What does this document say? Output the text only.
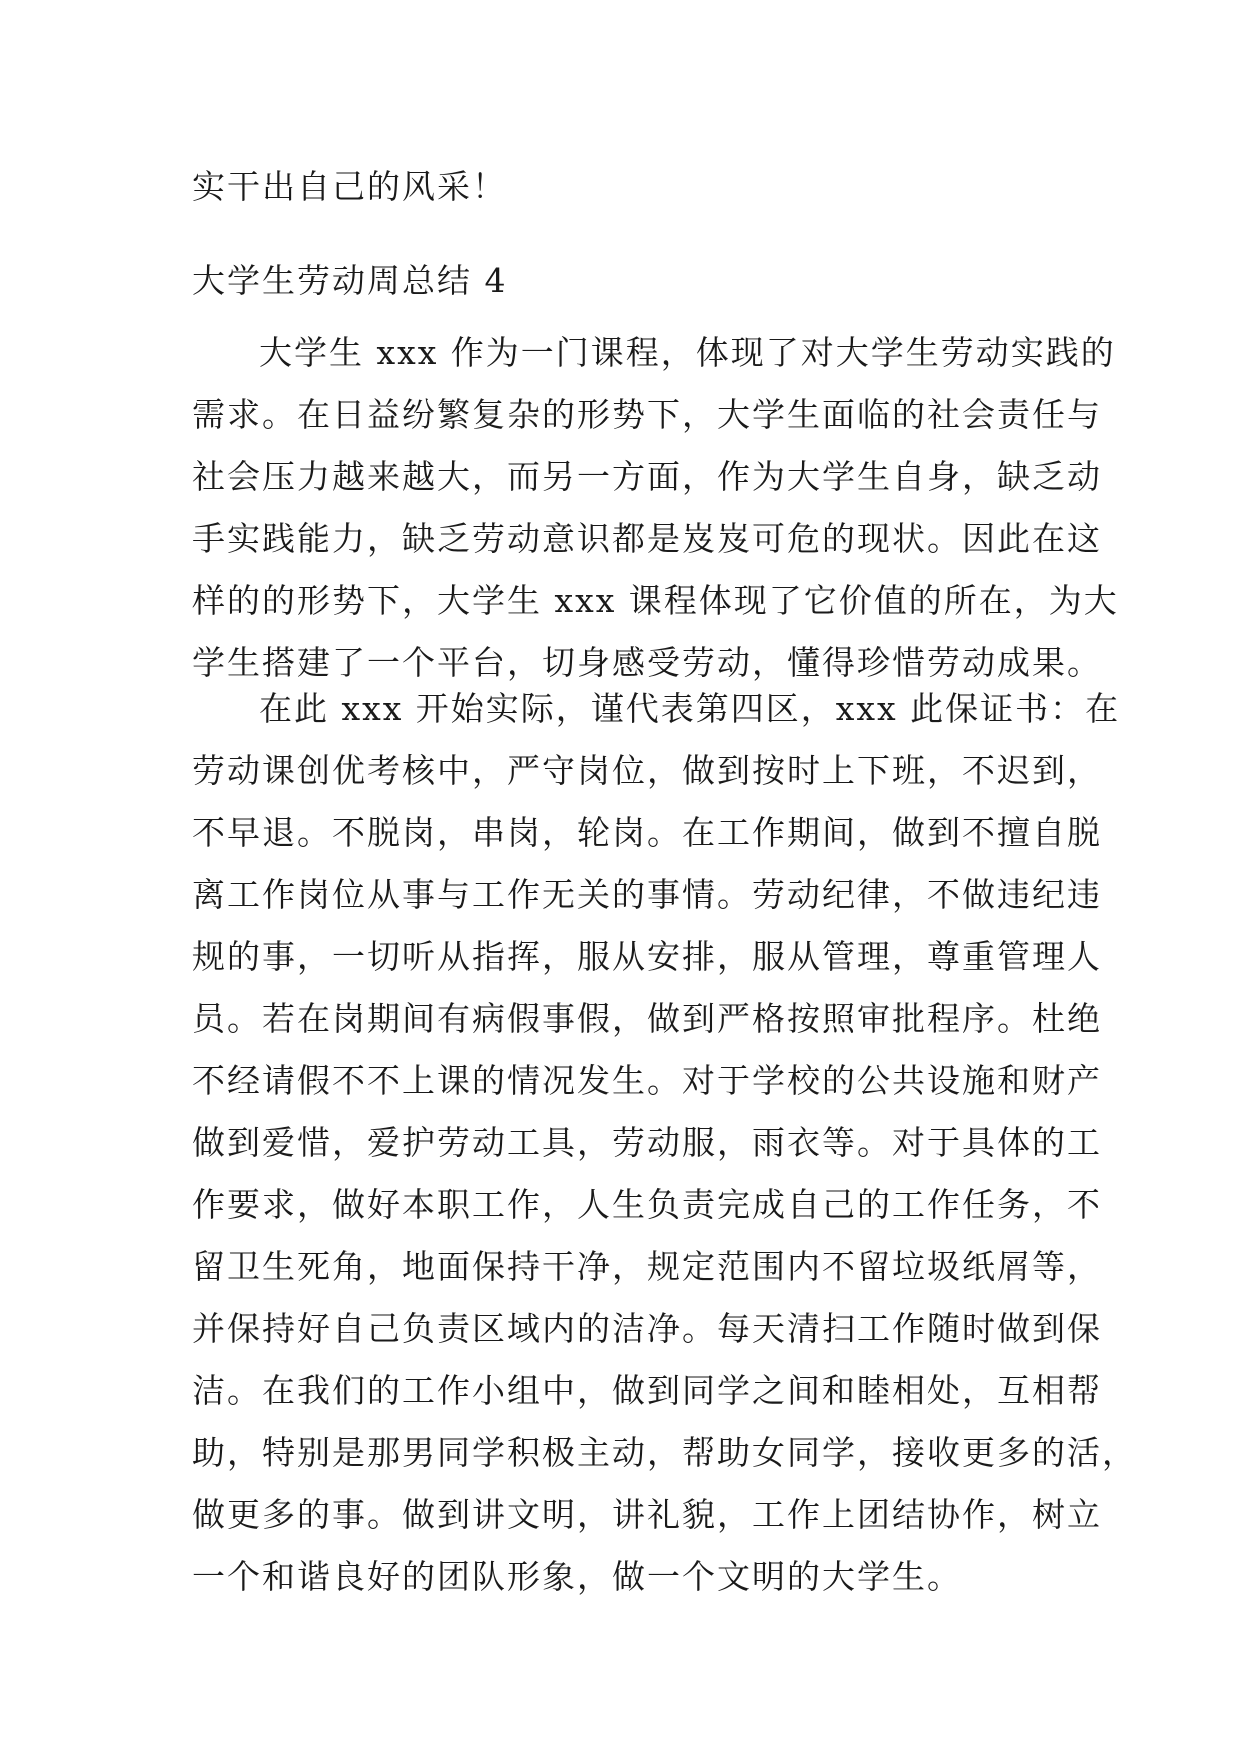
实干出自己的风采！
大学生劳动周总结 4
大学生 xxx 作为一门课程，体现了对大学生劳动实践的
需求。在日益纷繁复杂的形势下，大学生面临的社会责任与
社会压力越来越大，而另一方面，作为大学生自身，缺乏动
手实践能力，缺乏劳动意识都是岌岌可危的现状。因此在这
样的的形势下，大学生 xxx 课程体现了它价值的所在，为大
学生搭建了一个平台，切身感受劳动，懂得珍惜劳动成果。
在此 xxx 开始实际，谨代表第四区，xxx 此保证书：在
劳动课创优考核中，严守岗位，做到按时上下班，不迟到，
不早退。不脱岗，串岗，轮岗。在工作期间，做到不擅自脱
离工作岗位从事与工作无关的事情。劳动纪律，不做违纪违
规的事，一切听从指挥，服从安排，服从管理，尊重管理人
员。若在岗期间有病假事假，做到严格按照审批程序。杜绝
不经请假不不上课的情况发生。对于学校的公共设施和财产
做到爱惜，爱护劳动工具，劳动服，雨衣等。对于具体的工
作要求，做好本职工作，人生负责完成自己的工作任务，不
留卫生死角，地面保持干净，规定范围内不留垃圾纸屑等，
并保持好自己负责区域内的洁净。每天清扫工作随时做到保
洁。在我们的工作小组中，做到同学之间和睦相处，互相帮
助，特别是那男同学积极主动，帮助女同学，接收更多的活，
做更多的事。做到讲文明，讲礼貌，工作上团结协作，树立
一个和谐良好的团队形象，做一个文明的大学生。
